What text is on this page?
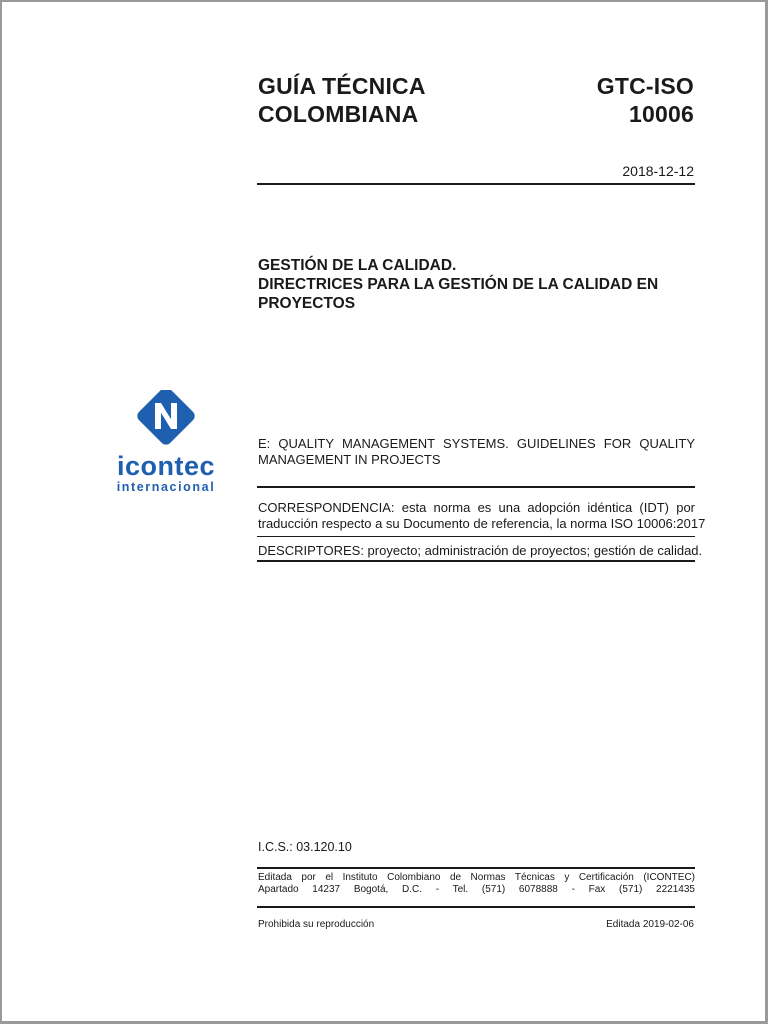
GUÍA TÉCNICA
COLOMBIANA
GTC-ISO
10006
2018-12-12
GESTIÓN DE LA CALIDAD.
DIRECTRICES PARA LA GESTIÓN DE LA CALIDAD EN
PROYECTOS
icontec
internacional
E: QUALITY MANAGEMENT SYSTEMS. GUIDELINES FOR QUALITY
MANAGEMENT IN PROJECTS
CORRESPONDENCIA: esta norma es una adopción idéntica (IDT) por
traducción respecto a su Documento de referencia, la norma ISO 10006:2017
DESCRIPTORES: proyecto; administración de proyectos; gestión de calidad.
I.C.S.: 03.120.10
Editada por el Instituto Colombiano de Normas Técnicas y Certificación (ICONTEC)
Apartado 14237 Bogotá, D.C. - Tel. (571) 6078888 - Fax (571) 2221435
Prohibida su reproducción	Editada 2019-02-06
